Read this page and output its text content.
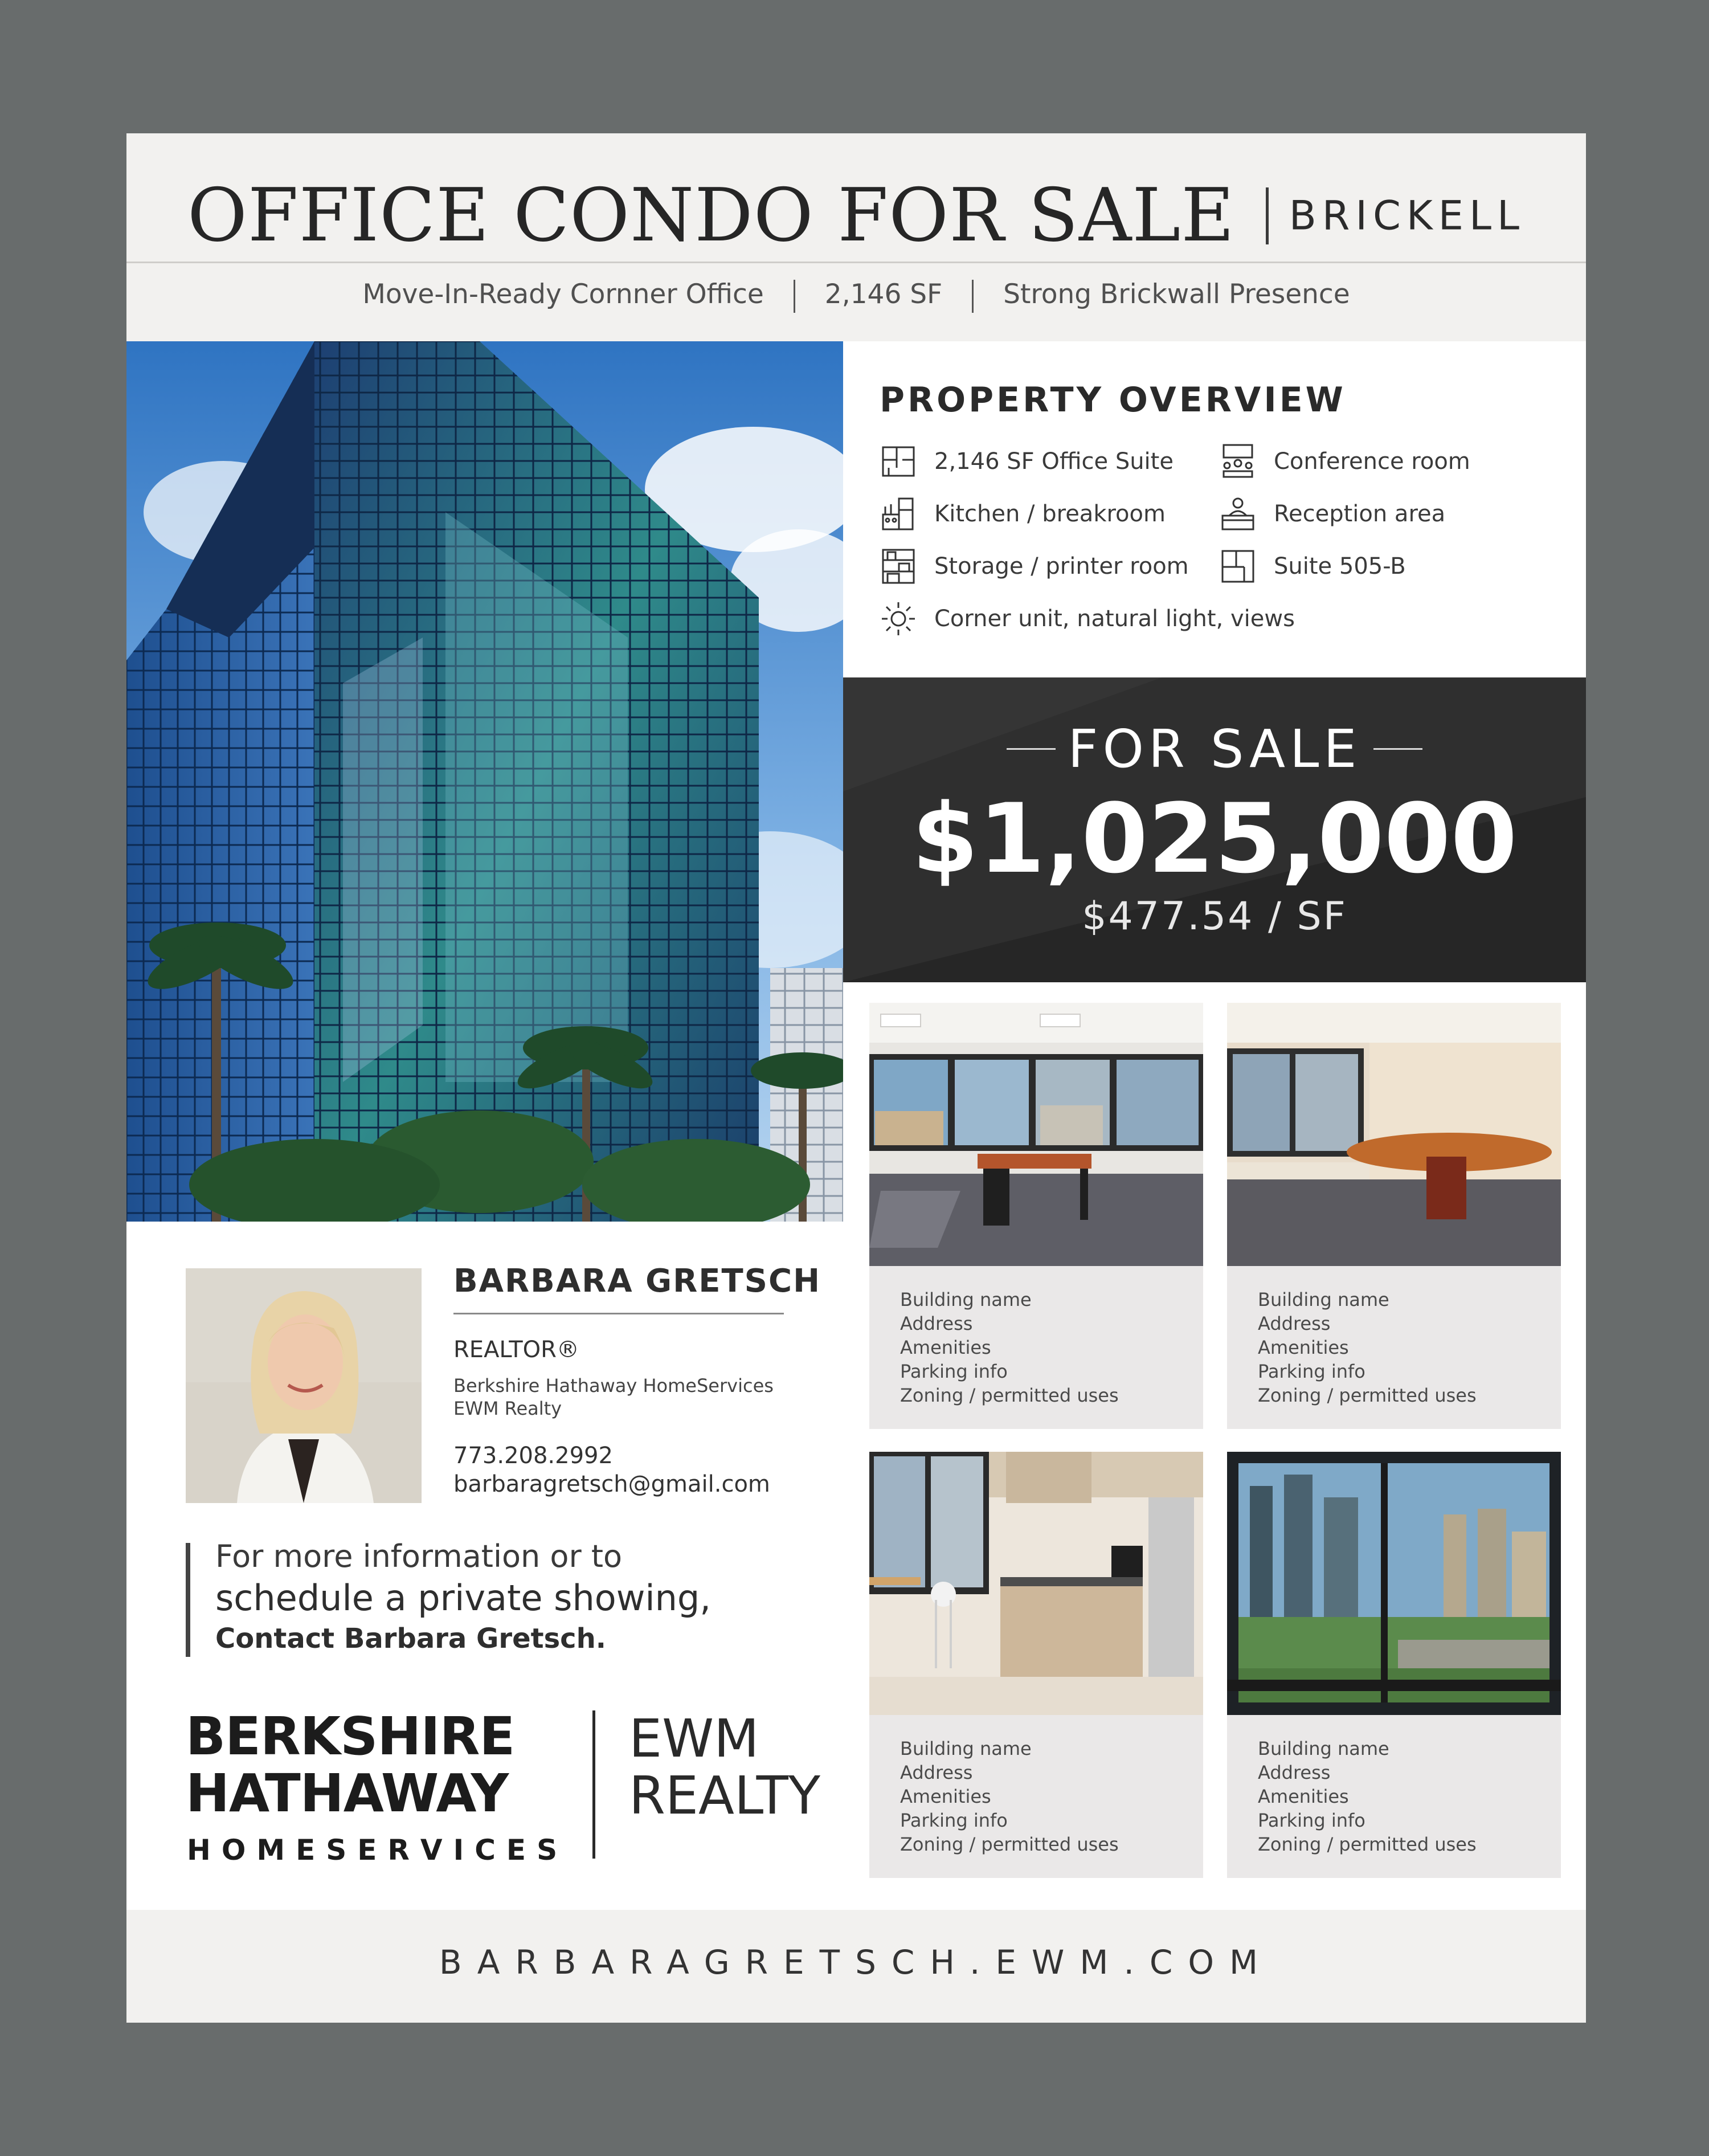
OFFICE CONDO FOR SALE BRICKELL
Move-In-Ready Cornner Office 2,146 SF Strong Brickwall Presence
PROPERTY OVERVIEW
2,146 SF Office Suite	Conference room
Kitchen / breakroom	Reception area
Storage / printer room	Suite 505-B
Corner unit, natural light, views
FOR SALE
$1,025,000
$477.54 / SF
Building name
Address
Amenities
Parking info
Zoning / permitted uses
Building name
Address
Amenities
Parking info
Zoning / permitted uses
Building name
Address
Amenities
Parking info
Zoning / permitted uses
Building name
Address
Amenities
Parking info
Zoning / permitted uses
BARBARA GRETSCH
REALTOR®
Berkshire Hathaway HomeServices
EWM Realty
773.208.2992
barbaragretsch@gmail.com
For more information or to
schedule a private showing,
Contact Barbara Gretsch.
BERKSHIRE
HATHAWAY
HOMESERVICES
EWM
REALTY
BARBARAGRETSCH.EWM.COM
